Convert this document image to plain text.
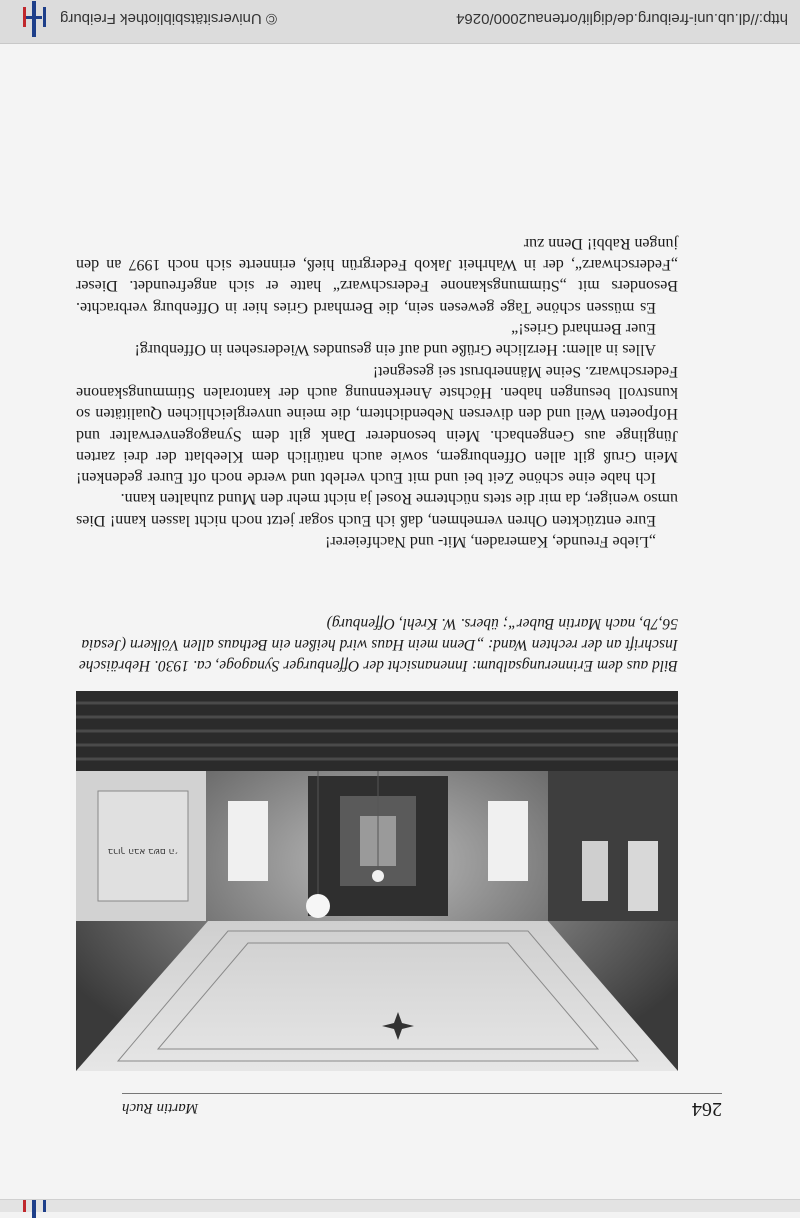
264
Martin Ruch
ברוך הבא בשם ה׳

Bild aus dem Erinnerungsalbum: Innenansicht der Offenburger Synagoge, ca. 1930. Hebräische Inschrift an der rechten Wand: „Denn mein Haus wird heißen ein Bethaus allen Völkern (Jesaia 56,7b, nach Martin Buber“; übers. W. Krehl, Offenburg)

„Liebe Freunde, Kameraden, Mit- und Nachfeierer!

Eure entzückten Ohren vernehmen, daß ich Euch sogar jetzt noch nicht lassen kann! Dies umso weniger, da mir die stets nüchterne Rosel ja nicht mehr den Mund zuhalten kann.

Ich habe eine schöne Zeit bei und mit Euch verlebt und werde noch oft Eurer gedenken! Mein Gruß gilt allen Offenburgern, sowie auch natürlich dem Kleeblatt der drei zarten Jünglinge aus Gengenbach. Mein besonderer Dank gilt dem Synagogenverwalter und Hofpoeten Weil und den diversen Nebendichtern, die meine unvergleichlichen Qualitäten so kunstvoll besungen haben. Höchste Anerkennung auch der kantoralen Stimmungskanone Federschwarz. Seine Männerbrust sei gesegnet!

Alles in allem: Herzliche Grüße und auf ein gesundes Wiedersehen in Offenburg!

Euer Bernhard Gries!“

Es müssen schöne Tage gewesen sein, die Bernhard Gries hier in Offenburg verbrachte. Besonders mit „Stimmungskanone Federschwarz“ hatte er sich angefreundet. Dieser „Federschwarz“, der in Wahrheit Jakob Federgrün hieß, erinnerte sich noch 1997 an den jungen Rabbi! Denn zur

http://dl.ub.uni-freiburg.de/diglit/ortenau2000/0264
© Universitätsbibliothek Freiburg
